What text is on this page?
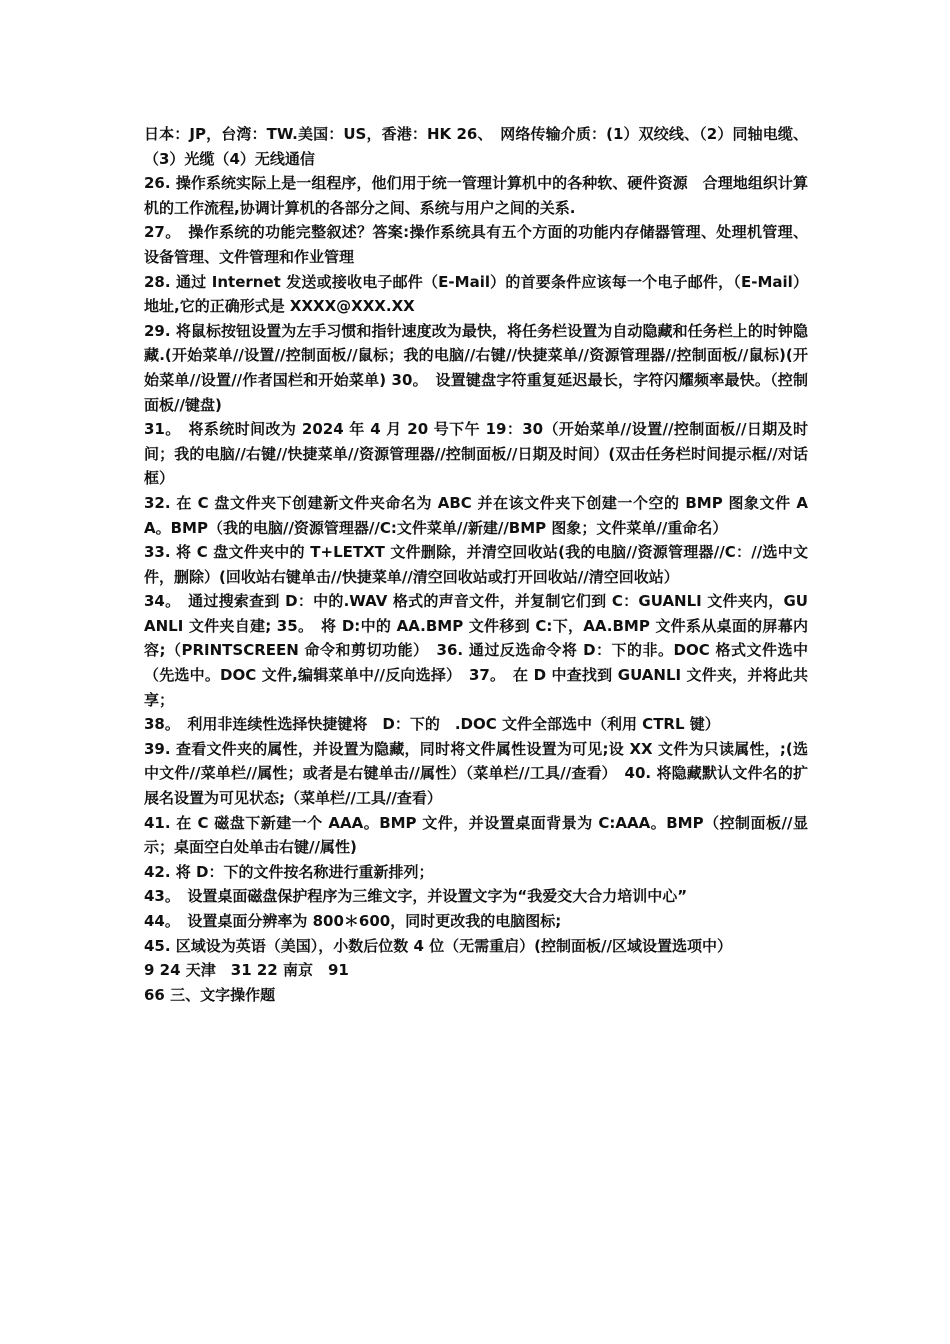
日本：JP，台湾：TW.美国：US，香港：HK 26、　网络传输介质：(1）双绞线、（2）同轴电缆、（3）光缆（4）无线通信

26. 操作系统实际上是一组程序，他们用于统一管理计算机中的各种软、硬件资源　合理地组织计算机的工作流程,协调计算机的各部分之间、系统与用户之间的关系.

27。　操作系统的功能完整叙述？答案:操作系统具有五个方面的功能内存储器管理、处理机管理、设备管理、文件管理和作业管理

28. 通过 Internet 发送或接收电子邮件（E-Mail）的首要条件应该每一个电子邮件，（E-Mail）地址,它的正确形式是 XXXX@XXX.XX

29. 将鼠标按钮设置为左手习惯和指针速度改为最快，将任务栏设置为自动隐藏和任务栏上的时钟隐藏.(开始菜单//设置//控制面板//鼠标；我的电脑//右键//快捷菜单//资源管理器//控制面板//鼠标)(开始菜单//设置//作者国栏和开始菜单) 30。　设置键盘字符重复延迟最长，字符闪耀频率最快。（控制面板//键盘)

31。　将系统时间改为 2024 年 4 月 20 号下午 19：30（开始菜单//设置//控制面板//日期及时间；我的电脑//右键//快捷菜单//资源管理器//控制面板//日期及时间）(双击任务栏时间提示框//对话框）

32. 在 C 盘文件夹下创建新文件夹命名为 ABC 并在该文件夹下创建一个空的 BMP 图象文件 AA。BMP（我的电脑//资源管理器//C:文件菜单//新建//BMP 图象；文件菜单//重命名）

33. 将 C 盘文件夹中的 T+LETXT 文件删除，并清空回收站(我的电脑//资源管理器//C：//选中文件，删除）(回收站右键单击//快捷菜单//清空回收站或打开回收站//清空回收站）

34。　通过搜索查到 D：中的.WAV 格式的声音文件，并复制它们到 C：GUANLI 文件夹内，GUANLI 文件夹自建; 35。　将 D:中的 AA.BMP 文件移到 C:下，AA.BMP 文件系从桌面的屏幕内容;（PRINTSCREEN 命令和剪切功能）　36. 通过反选命令将 D：下的非。DOC 格式文件选中（先选中。DOC 文件,编辑菜单中//反向选择）　37。　在 D 中查找到 GUANLI 文件夹，并将此共享；

38。　利用非连续性选择快捷键将　D：下的　.DOC 文件全部选中（利用 CTRL 键）

39. 查看文件夹的属性，并设置为隐藏，同时将文件属性设置为可见;设 XX 文件为只读属性，;(选中文件//菜单栏//属性；或者是右键单击//属性）（菜单栏//工具//查看）　40. 将隐藏默认文件名的扩展名设置为可见状态;（菜单栏//工具//查看）

41. 在 C 磁盘下新建一个 AAA。BMP 文件，并设置桌面背景为 C:AAA。BMP（控制面板//显示；桌面空白处单击右键//属性)

42. 将 D：下的文件按名称进行重新排列；

43。　设置桌面磁盘保护程序为三维文字，并设置文字为“我爱交大合力培训中心”

44。　设置桌面分辨率为 800＊600，同时更改我的电脑图标;

45. 区域设为英语（美国），小数后位数 4 位（无需重启）(控制面板//区域设置选项中）

9 24 天津　31 22 南京　91

66 三、文字操作题
